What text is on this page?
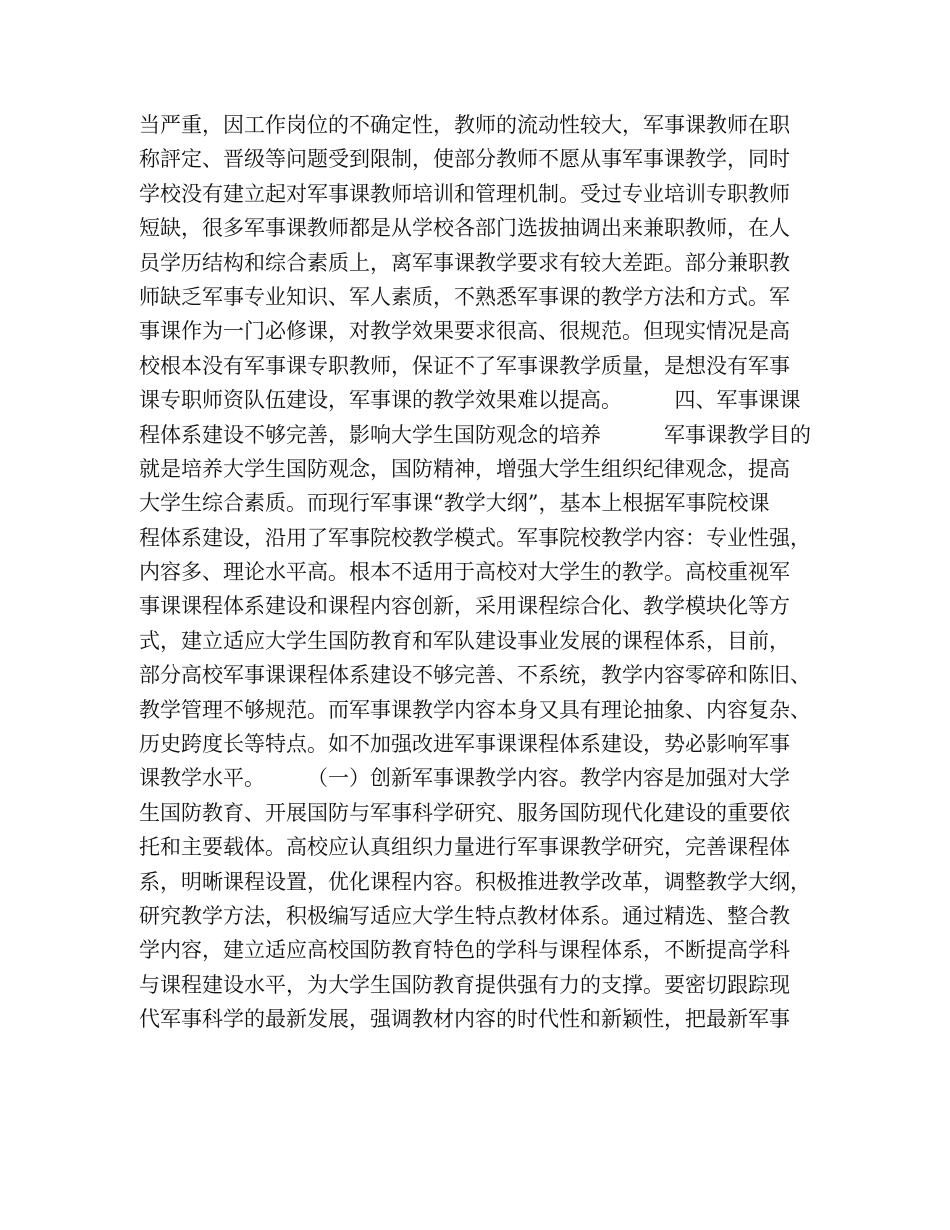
当严重，因工作岗位的不确定性，教师的流动性较大，军事课教师在职
称評定、晋级等问题受到限制，使部分教师不愿从事军事课教学，同时
学校没有建立起对军事课教师培训和管理机制。受过专业培训专职教师
短缺，很多军事课教师都是从学校各部门选拔抽调出来兼职教师，在人
员学历结构和综合素质上，离军事课教学要求有较大差距。部分兼职教
师缺乏军事专业知识、军人素质，不熟悉军事课的教学方法和方式。军
事课作为一门必修课，对教学效果要求很高、很规范。但现实情况是高
校根本没有军事课专职教师，保证不了军事课教学质量，是想没有军事
课专职师资队伍建设，军事课的教学效果难以提高。　　　四、军事课课
程体系建设不够完善，影响大学生国防观念的培养　　　军事课教学目的
就是培养大学生国防观念，国防精神，增强大学生组织纪律观念，提高
大学生综合素质。而现行军事课“教学大纲”，基本上根据军事院校课
程体系建设，沿用了军事院校教学模式。军事院校教学内容：专业性强，
内容多、理论水平高。根本不适用于高校对大学生的教学。高校重视军
事课课程体系建设和课程内容创新，采用课程综合化、教学模块化等方
式，建立适应大学生国防教育和军队建设事业发展的课程体系，目前，
部分高校军事课课程体系建设不够完善、不系统，教学内容零碎和陈旧、
教学管理不够规范。而军事课教学内容本身又具有理论抽象、内容复杂、
历史跨度长等特点。如不加强改进军事课课程体系建设，势必影响军事
课教学水平。　　　（一）创新军事课教学内容。教学内容是加强对大学
生国防教育、开展国防与军事科学研究、服务国防现代化建设的重要依
托和主要载体。高校应认真组织力量进行军事课教学研究，完善课程体
系，明晰课程设置，优化课程内容。积极推进教学改革，调整教学大纲，
研究教学方法，积极编写适应大学生特点教材体系。通过精选、整合教
学内容，建立适应高校国防教育特色的学科与课程体系，不断提高学科
与课程建设水平，为大学生国防教育提供强有力的支撑。要密切跟踪现
代军事科学的最新发展，强调教材内容的时代性和新颖性，把最新军事
